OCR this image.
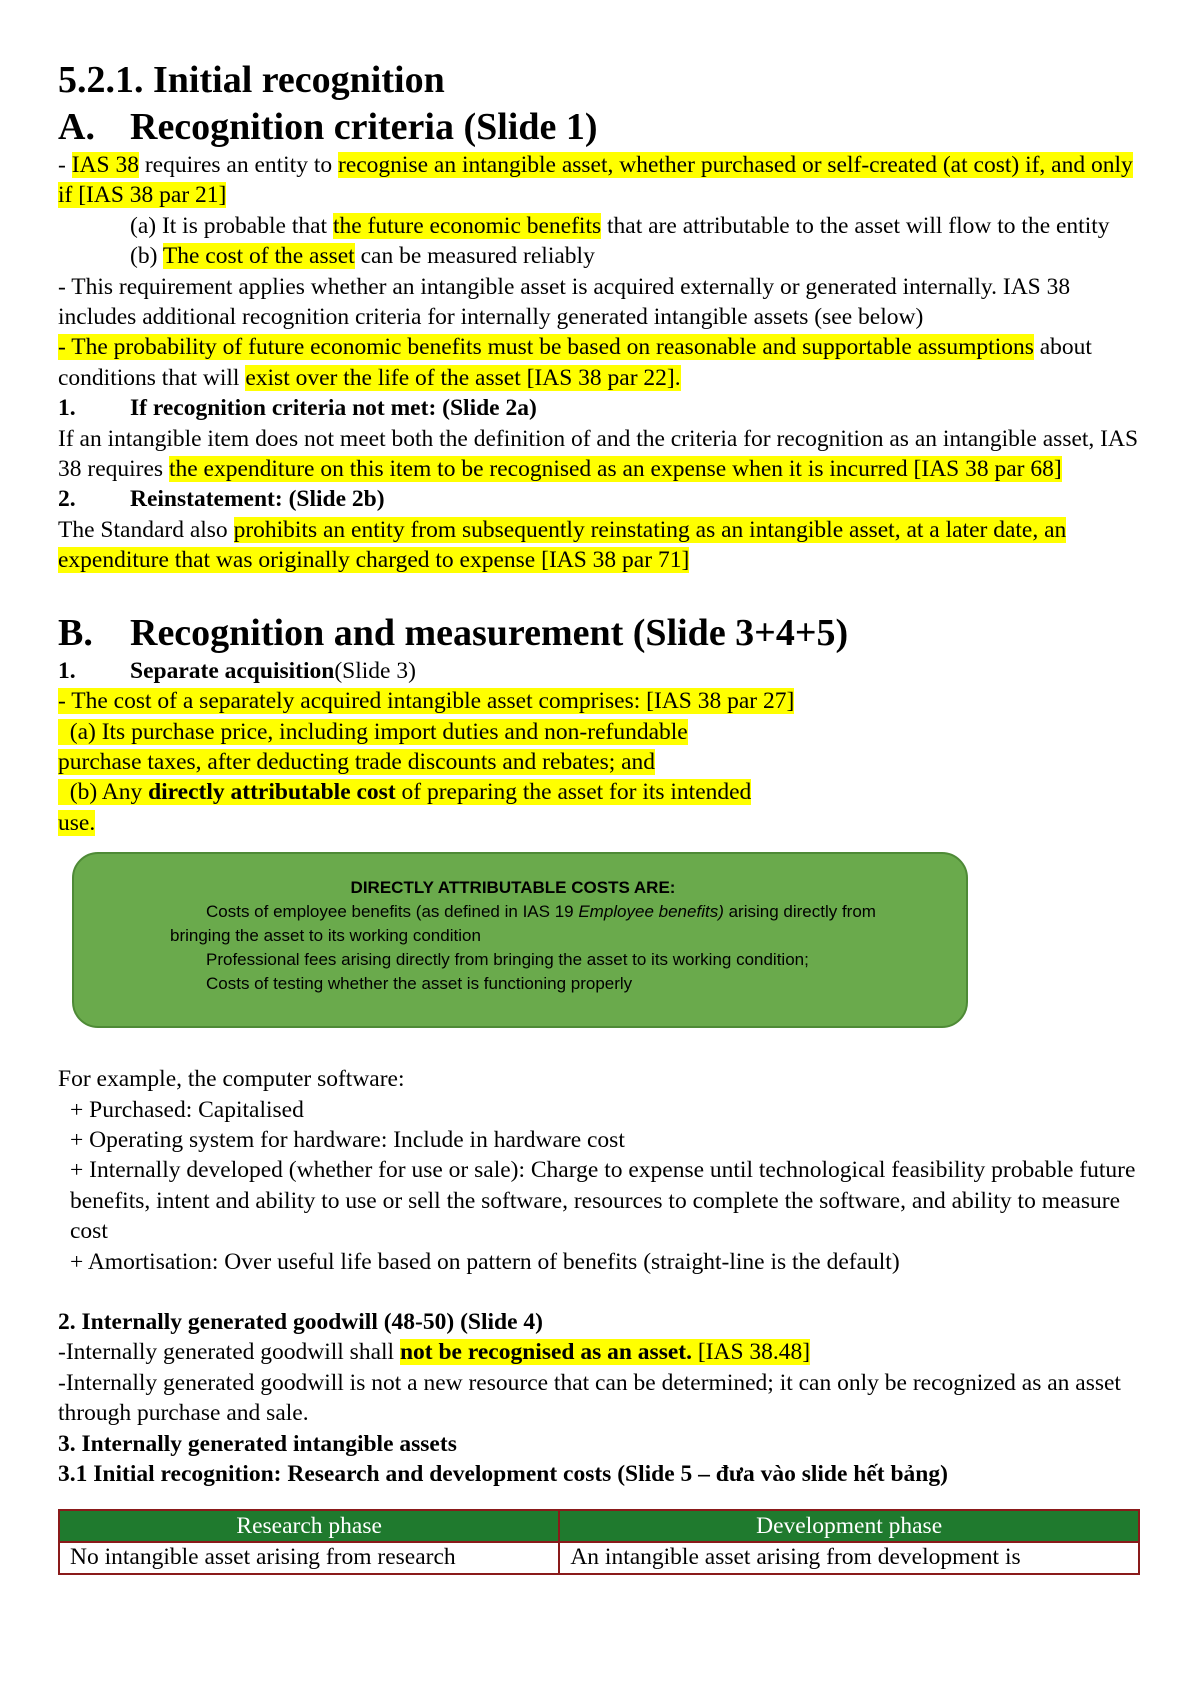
5.2.1. Initial recognition
A. Recognition criteria (Slide 1)

- IAS 38 requires an entity to recognise an intangible asset, whether purchased or self-created (at cost) if, and only if [IAS 38 par 21]

(a) It is probable that the future economic benefits that are attributable to the asset will flow to the entity

(b) The cost of the asset can be measured reliably

- This requirement applies whether an intangible asset is acquired externally or generated internally. IAS 38 includes additional recognition criteria for internally generated intangible assets (see below)

- The probability of future economic benefits must be based on reasonable and supportable assumptions about conditions that will exist over the life of the asset [IAS 38 par 22].

1.	If recognition criteria not met: (Slide 2a)

If an intangible item does not meet both the definition of and the criteria for recognition as an intangible asset, IAS 38 requires the expenditure on this item to be recognised as an expense when it is incurred [IAS 38 par 68]

2.	Reinstatement: (Slide 2b)

The Standard also prohibits an entity from subsequently reinstating as an intangible asset, at a later date, an expenditure that was originally charged to expense [IAS 38 par 71]

B. Recognition and measurement (Slide 3+4+5)

1.	Separate acquisition (Slide 3)

- The cost of a separately acquired intangible asset comprises: [IAS 38 par 27]

(a) Its purchase price, including import duties and non-refundable

purchase taxes, after deducting trade discounts and rebates; and

(b) Any directly attributable cost of preparing the asset for its intended

use.

DIRECTLY ATTRIBUTABLE COSTS ARE:
Costs of employee benefits (as defined in IAS 19 Employee benefits) arising directly from
bringing the asset to its working condition
Professional fees arising directly from bringing the asset to its working condition;
Costs of testing whether the asset is functioning properly

For example, the computer software:

+ Purchased: Capitalised

+ Operating system for hardware: Include in hardware cost

+ Internally developed (whether for use or sale): Charge to expense until technological feasibility probable future benefits, intent and ability to use or sell the software, resources to complete the software, and ability to measure cost

+ Amortisation: Over useful life based on pattern of benefits (straight-line is the default)

2. Internally generated goodwill (48-50) (Slide 4)

-Internally generated goodwill shall not be recognised as an asset. [IAS 38.48]

-Internally generated goodwill is not a new resource that can be determined; it can only be recognized as an asset through purchase and sale.

3. Internally generated intangible assets

3.1 Initial recognition: Research and development costs (Slide 5 – đưa vào slide hết bảng)

Research phase	Development phase
No intangible asset arising from research	An intangible asset arising from development is
